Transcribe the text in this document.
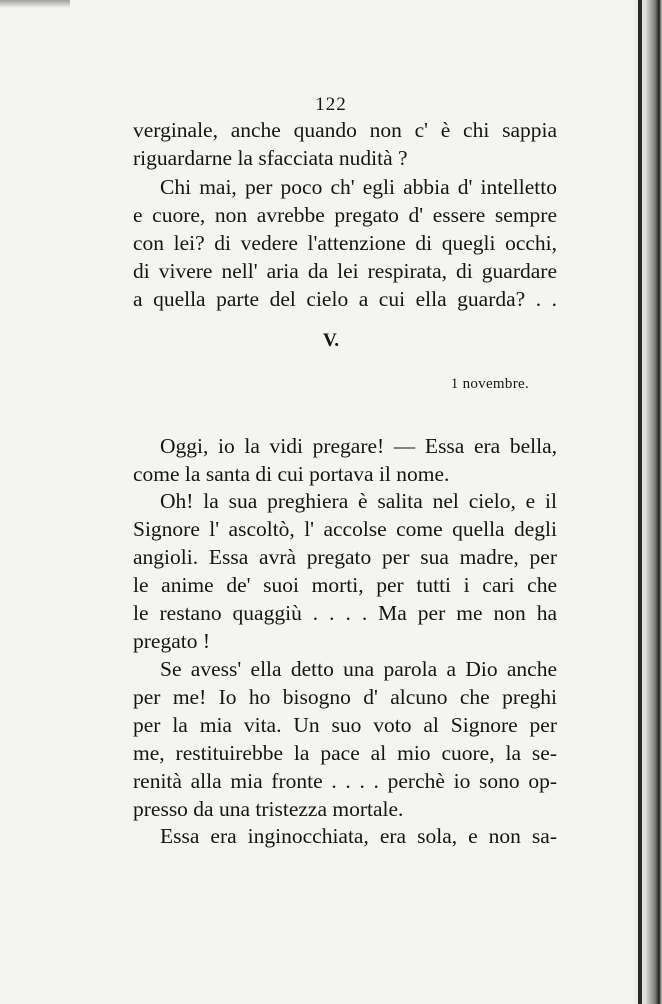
122
verginale, anche quando non c' è chi sappia
riguardarne la sfacciata nudità ?
Chi mai, per poco ch' egli abbia d' intelletto
e cuore, non avrebbe pregato d' essere sempre
con lei? di vedere l'attenzione di quegli occhi,
di vivere nell' aria da lei respirata, di guardare
a quella parte del cielo a cui ella guarda? . .
V.
1 novembre.
Oggi, io la vidi pregare! — Essa era bella,
come la santa di cui portava il nome.
Oh! la sua preghiera è salita nel cielo, e il
Signore l' ascoltò, l' accolse come quella degli
angioli. Essa avrà pregato per sua madre, per
le anime de' suoi morti, per tutti i cari che
le restano quaggiù . . . . Ma per me non ha
pregato !
Se avess' ella detto una parola a Dio anche
per me! Io ho bisogno d' alcuno che preghi
per la mia vita. Un suo voto al Signore per
me, restituirebbe la pace al mio cuore, la se-
renità alla mia fronte . . . . perchè io sono op-
presso da una tristezza mortale.
Essa era inginocchiata, era sola, e non sa-
